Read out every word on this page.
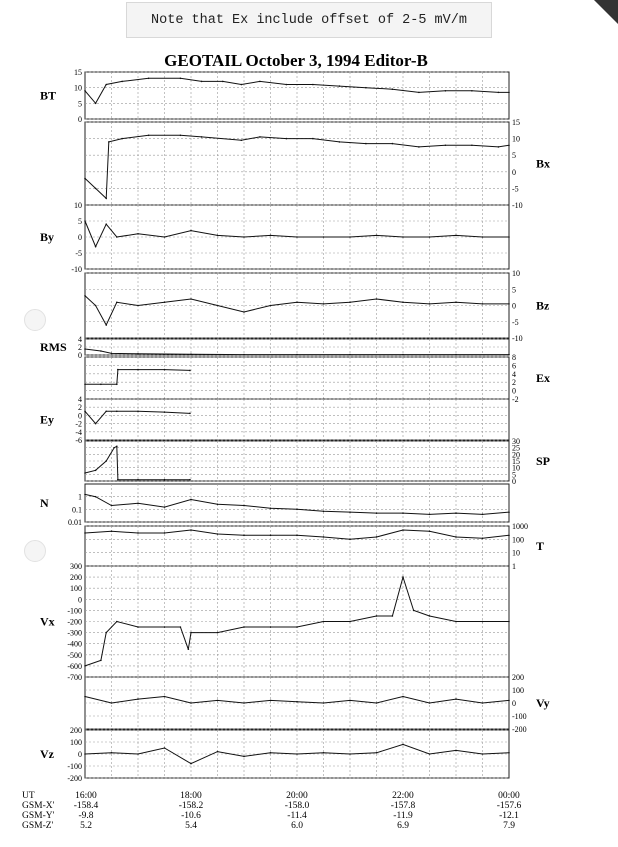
Note that Ex include offset of 2-5 mV/m
GEOTAIL October 3, 1994 Editor-B
0
5
10
15
BT
-10
-5
0
5
10
15
Bx
-10
-5
0
5
10
By
-10
-5
0
5
10
Bz
0
2
4
RMS
-2
0
2
4
6
8
Ex
-6
-4
-2
0
2
4
Ey
0
5
10
15
20
25
30
SP
0.01
0.1
1
N
1
10
100
1000
T
-700
-600
-500
-400
-300
-200
-100
0
100
200
300
Vx
-200
-100
0
100
200
Vy
-200
-100
0
100
200
Vz
UT	16:00	18:00	20:00	22:00	00:00
GSM-X' -158.4	-158.2	-158.0	-157.8	-157.6
GSM-Y'	-9.8	-10.6	-11.4	-11.9	-12.1
GSM-Z'	5.2	5.4	6.0	6.9	7.9
